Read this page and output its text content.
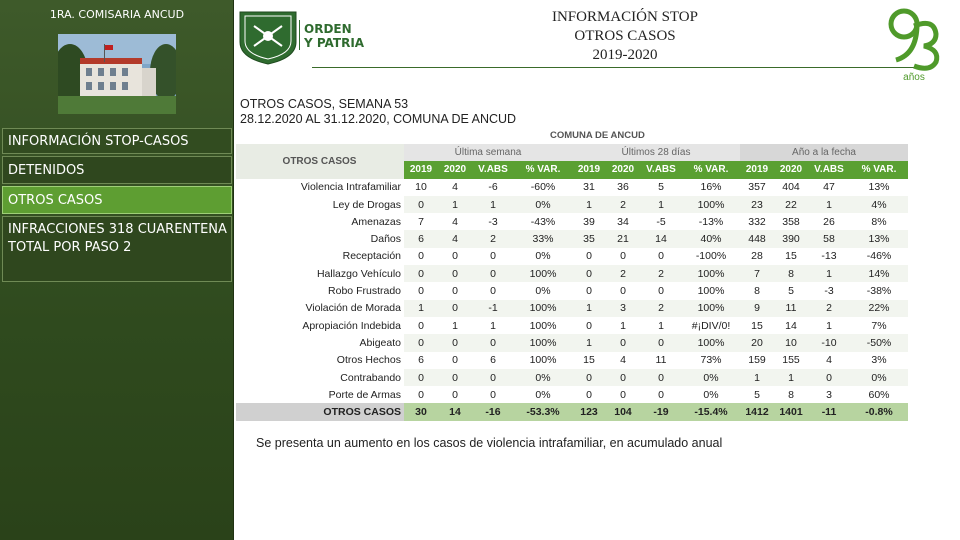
1RA. COMISARIA ANCUD
INFORMACIÓN STOP-CASOS
DETENIDOS
OTROS CASOS
INFRACCIONES 318 CUARENTENA TOTAL POR PASO 2
ORDEN
Y PATRIA
INFORMACIÓN STOP
OTROS CASOS
2019-2020
años
OTROS CASOS, SEMANA 53
28.12.2020 AL 31.12.2020, COMUNA DE ANCUD
COMUNA DE ANCUD
OTROS CASOS	Última semana				Últimos 28 días				Año a la fecha			
	2019	2020	V.ABS	% VAR.	2019	2020	V.ABS	% VAR.	2019	2020	V.ABS	% VAR.
Violencia Intrafamiliar	10	4	-6	-60%	31	36	5	16%	357	404	47	13%
Ley de Drogas	0	1	1	0%	1	2	1	100%	23	22	1	4%
Amenazas	7	4	-3	-43%	39	34	-5	-13%	332	358	26	8%
Daños	6	4	2	33%	35	21	14	40%	448	390	58	13%
Receptación	0	0	0	0%	0	0	0	-100%	28	15	-13	-46%
Hallazgo Vehículo	0	0	0	100%	0	2	2	100%	7	8	1	14%
Robo Frustrado	0	0	0	0%	0	0	0	100%	8	5	-3	-38%
Violación de Morada	1	0	-1	100%	1	3	2	100%	9	11	2	22%
Apropiación Indebida	0	1	1	100%	0	1	1	#¡DIV/0!	15	14	1	7%
Abigeato	0	0	0	100%	1	0	0	100%	20	10	-10	-50%
Otros Hechos	6	0	6	100%	15	4	11	73%	159	155	4	3%
Contrabando	0	0	0	0%	0	0	0	0%	1	1	0	0%
Porte de Armas	0	0	0	0%	0	0	0	0%	5	8	3	60%
OTROS CASOS	30	14	-16	-53.3%	123	104	-19	-15.4%	1412	1401	-11	-0.8%
Se presenta un aumento en los casos de violencia intrafamiliar, en acumulado anual
